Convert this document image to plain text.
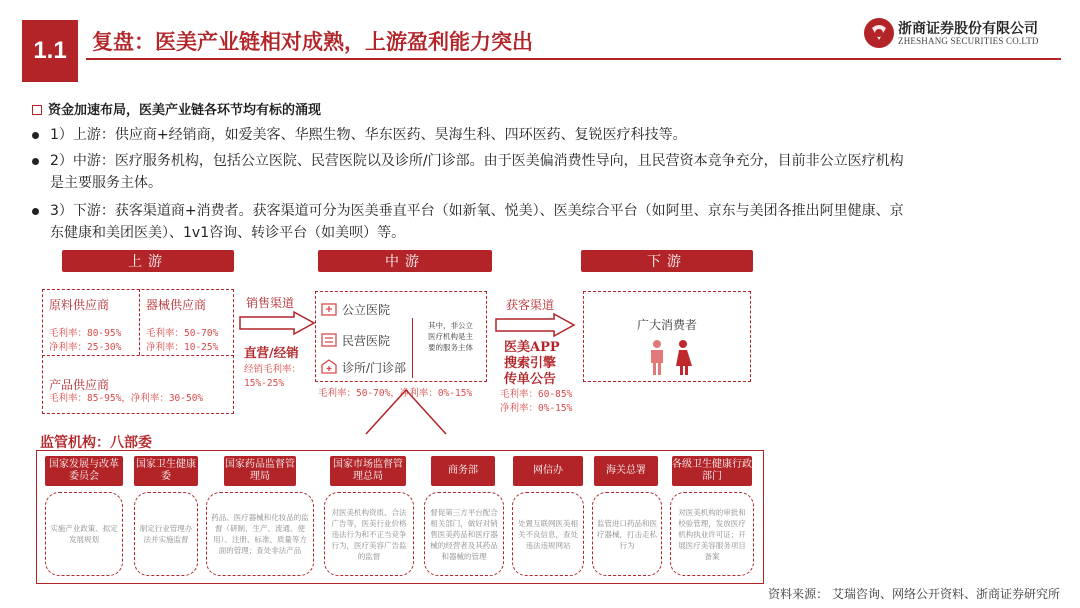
1.1	复盘：医美产业链相对成熟，上游盈利能力突出
浙商证券股份有限公司
ZHESHANG SECURITIES CO.LTD
资金加速布局，医美产业链各环节均有标的涌现
1）上游：供应商+经销商，如爱美客、华熙生物、华东医药、昊海生科、四环医药、复锐医疗科技等。
2）中游：医疗服务机构，包括公立医院、民营医院以及诊所/门诊部。由于医美偏消费性导向，且民营资本竞争充分，目前非公立医疗机构
是主要服务主体。
3）下游：获客渠道商+消费者。获客渠道可分为医美垂直平台（如新氧、悦美）、医美综合平台（如阿里、京东与美团各推出阿里健康、京
东健康和美团医美）、1v1咨询、转诊平台（如美呗）等。
上游	中游	下游
原料供应商
毛利率：80-95%
净利率：25-30%
器械供应商
毛利率：50-70%
净利率：10-25%
产品供应商
毛利率：85-95%，净利率：30-50%
销售渠道
直营/经销
经销毛利率：
15%-25%
公立医院
民营医院
诊所/门诊部
其中，非公立医疗机构是主要的服务主体
毛利率：50-70%，净利率：0%-15%
获客渠道
医美APP
搜索引擎
传单公告
毛利率：60-85%
净利率：0%-15%
广大消费者
监管机构：八部委
国家发展与改革委员会
实施产业政策、拟定发展规划
国家卫生健康委
制定行业管理办法并实施监督
国家药品监督管理局
药品、医疗器械和化妆品的监督（研制、生产、流通、使用）、注册、标准、质量等方面的管理；查处非法产品
国家市场监督管理总局
对医美机构资质、合法广告等，医美行业价格违法行为和不正当竞争行为，医疗美容广告监的监督
商务部
督促第三方平台配合相关部门，做好对销售医美药品和医疗器械的经营者及其药品和器械的管理
网信办
处置互联网医美相关不良信息，查处违法违规网站
海关总署
监管进口药品和医疗器械，打击走私行为
各级卫生健康行政部门
对医美机构的审批和校验管理，发放医疗机构执业许可证；开展医疗美容服务项目备案
资料来源： 艾瑞咨询、网络公开资料、浙商证券研究所
